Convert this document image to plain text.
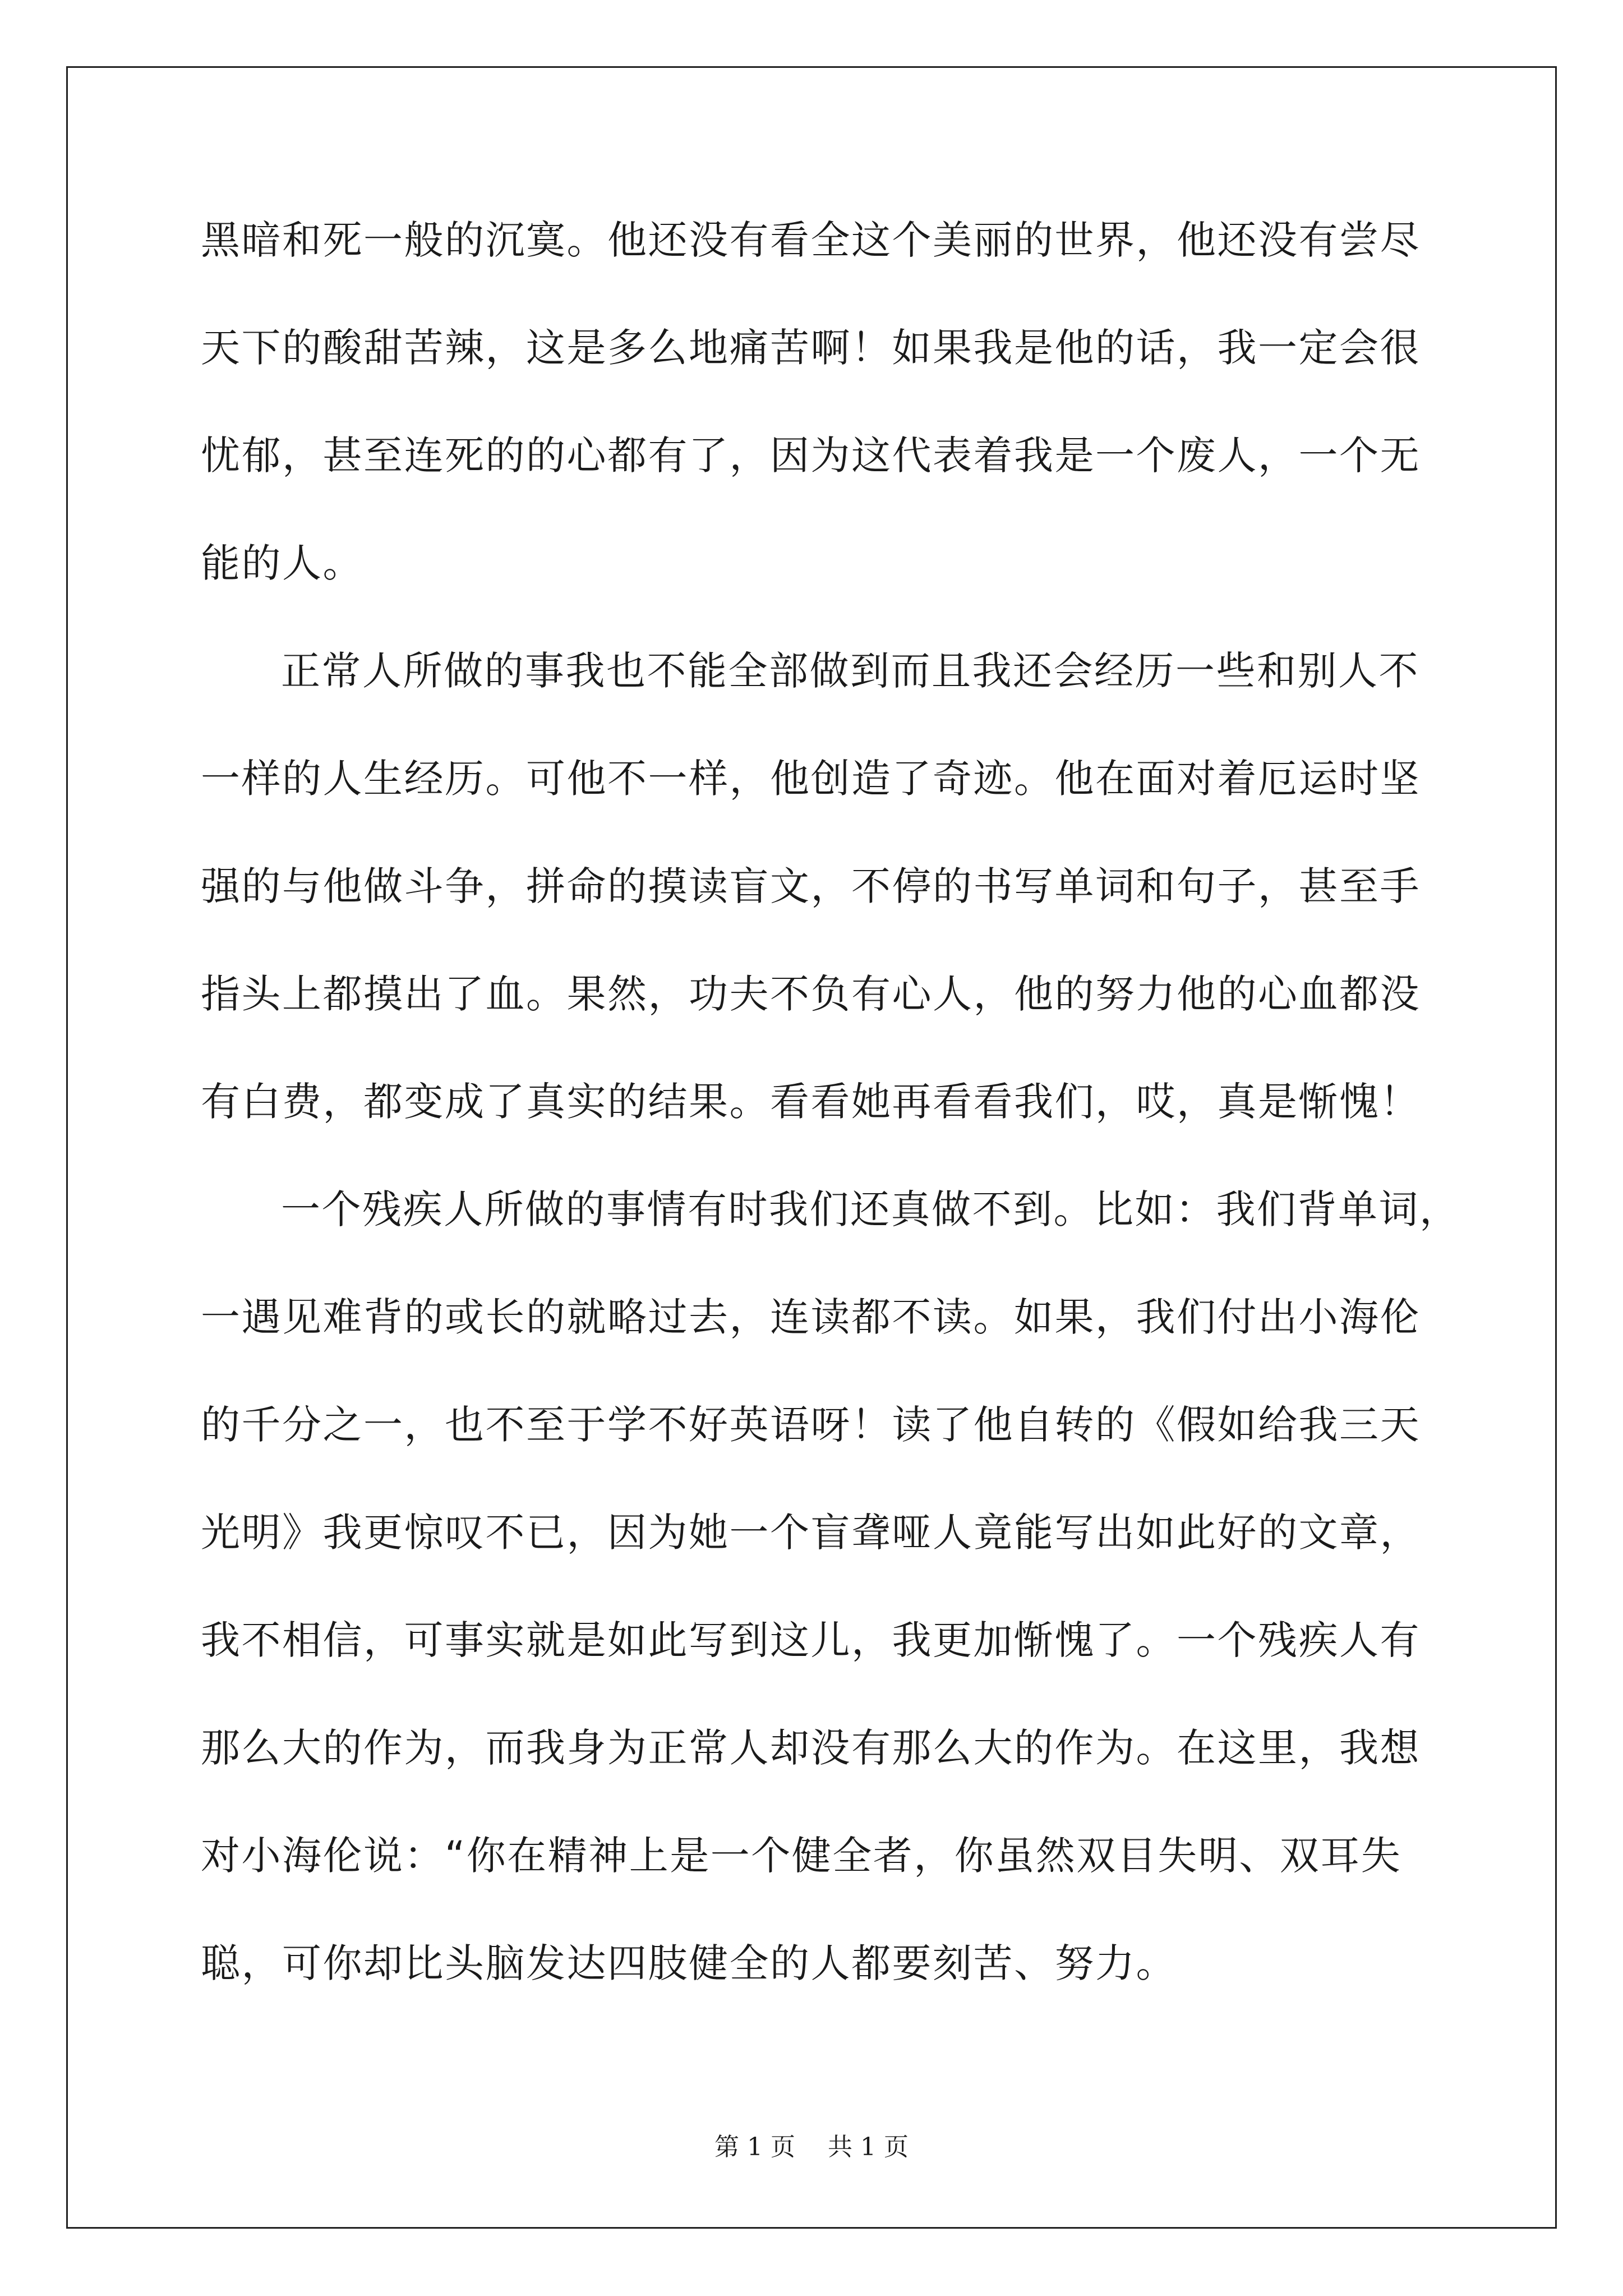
黑暗和死一般的沉寞。他还没有看全这个美丽的世界，他还没有尝尽
天下的酸甜苦辣，这是多么地痛苦啊！如果我是他的话，我一定会很
忧郁，甚至连死的的心都有了，因为这代表着我是一个废人，一个无
能的人。
正常人所做的事我也不能全部做到而且我还会经历一些和别人不
一样的人生经历。可他不一样，他创造了奇迹。他在面对着厄运时坚
强的与他做斗争，拼命的摸读盲文，不停的书写单词和句子，甚至手
指头上都摸出了血。果然，功夫不负有心人，他的努力他的心血都没
有白费，都变成了真实的结果。看看她再看看我们，哎，真是惭愧！
一个残疾人所做的事情有时我们还真做不到。比如：我们背单词，
一遇见难背的或长的就略过去，连读都不读。如果，我们付出小海伦
的千分之一，也不至于学不好英语呀！读了他自转的《假如给我三天
光明》我更惊叹不已，因为她一个盲聋哑人竟能写出如此好的文章，
我不相信，可事实就是如此写到这儿，我更加惭愧了。一个残疾人有
那么大的作为，而我身为正常人却没有那么大的作为。在这里，我想
对小海伦说：“你在精神上是一个健全者，你虽然双目失明、双耳失
聪，可你却比头脑发达四肢健全的人都要刻苦、努力。
第 1 页　 共 1 页
